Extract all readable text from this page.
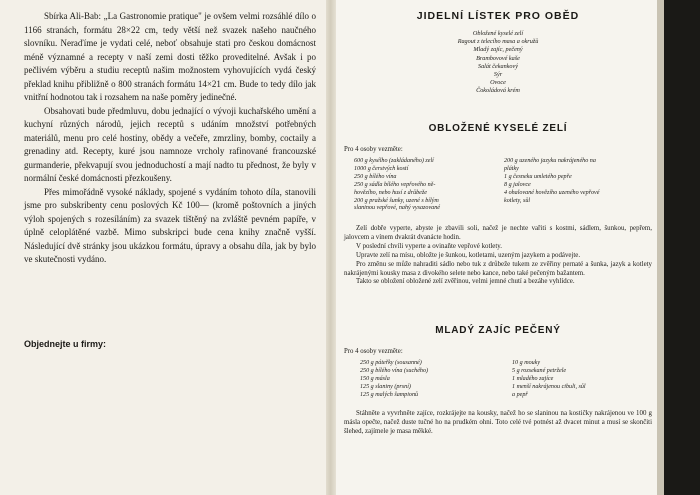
Sbírka Ali-Bab: „La Gastronomie pratique" je ovšem velmi rozsáhlé dílo o 1166 stranách, formátu 28×22 cm, tedy větší než svazek našeho naučného slovníku. Neraďíme je vydati celé, neboť obsahuje stati pro českou domácnost méně významné a recepty v naší zemi dosti těžko proveditelné. Avšak i po pečlivém výběru a studiu receptů našim možnostem vyhovujících vydá český překlad knihu přibližně o 800 stranách formátu 14×21 cm. Bude to tedy dílo jak vnitřní hodnotou tak i rozsahem na naše poměry jedinečné.

Obsahovati bude předmluvu, dobu jednající o vývoji kuchařského umění a kuchyní různých národů, jejich receptů s udáním množství potřebných materiálů, menu pro celé hostiny, obědy a večeře, zmrzliny, bomby, coctaily a grenadiny atd. Recepty, kuré jsou namnoze vrcholy rafinované francouzské gurmanderie, překvapují svou jednoduchostí a mají nadto tu přednost, že byly v normální české domácnosti přezkoušeny.

Přes mimořádně vysoké náklady, spojené s vydáním tohoto díla, stanovili jsme pro subskribenty cenu poslových Kč 100— (kromě poštovních a jiných výloh spojených s rozesíláním) za svazek tištěný na zvláště pevném papíře, v úplně celoplátěné vazbě. Mimo subskripci bude cena knihy značně vyšší. Následující dvě stránky jsou ukázkou formátu, úpravy a obsahu díla, jak by bylo ve skutečnosti vydáno.

Objednejte u firmy:
JIDELNÍ LÍSTEK PRO OBĚD
Obložené kyselé zelí
Ragout z telecího masa a okružů
Mladý zajíc, pečený
Brambovové kaše
Salát čekankový
Sýr
Ovoce
Čokoládová krém
OBLOŽENÉ KYSELÉ ZELÍ
Pro 4 osoby vezměte:
600 g kysélho (zakládaného) zelí
1000 g čerstvých kostí
250 g bílého vína
250 g sádla bílého vepřového ně-
hovězího, nebo husí z drůbeže
200 g pražské šunky, uzené s bílým
slaninou vepřové, nahý vysazované
200 g uzeného jazyku nakrájeného na
plátky
1 g česneku umletého pepře
8 g jalovce
4 ohalované hovězího uzeného vepřové
kotlety, sůl

Zelí dobře vyperte, abyste je zbavili soli, načež je nechte vařiti s kostmi, sádlem, šunkou, pepřem, jalovcem a vínem dvakrát dvanácte hodin.

V poslední chvíli vyperte a ovinaňte vepřové kotlety.

Upravte zelí na mísu, obložte je šunkou, kotletami, uzeným jazykem a podávejte.

Pro změnu se může nahraditi sádlo nebo tuk z drůbeže tukem ze zvěřiny pernaté a šunka, jazyk a kotlety nakrájenými kousky masa z divokého selete nebo kance, nebo také pečeným bažantem.

Takto se obložení obložené zelí zvěřinou, velmi jemné chutí a bezáhe vyhlídce.

MLADÝ ZAJÍC PEČENÝ
Pro 4 osoby vezměte:
250 g páteřky (sousanné)
250 g bílého vína (suchého)
150 g másla
125 g slaniny (prsní)
125 g malých šampionů
10 g mouky
5 g rozsekané petržele
1 mladého zajíce
1 menší nakrájenou cibuli, sůl
a pepř

Stáhněte a vyvrhněte zajíce, rozkrájejte na kousky, načež ho se slaninou na kostičky nakrájenou ve 100 g másla opečte, načež duste tučné ho na prudkém ohni. Toto celé tvé potnést až dvacet minut a musí se skončiti šlehed, zajímele je masa měkké.
